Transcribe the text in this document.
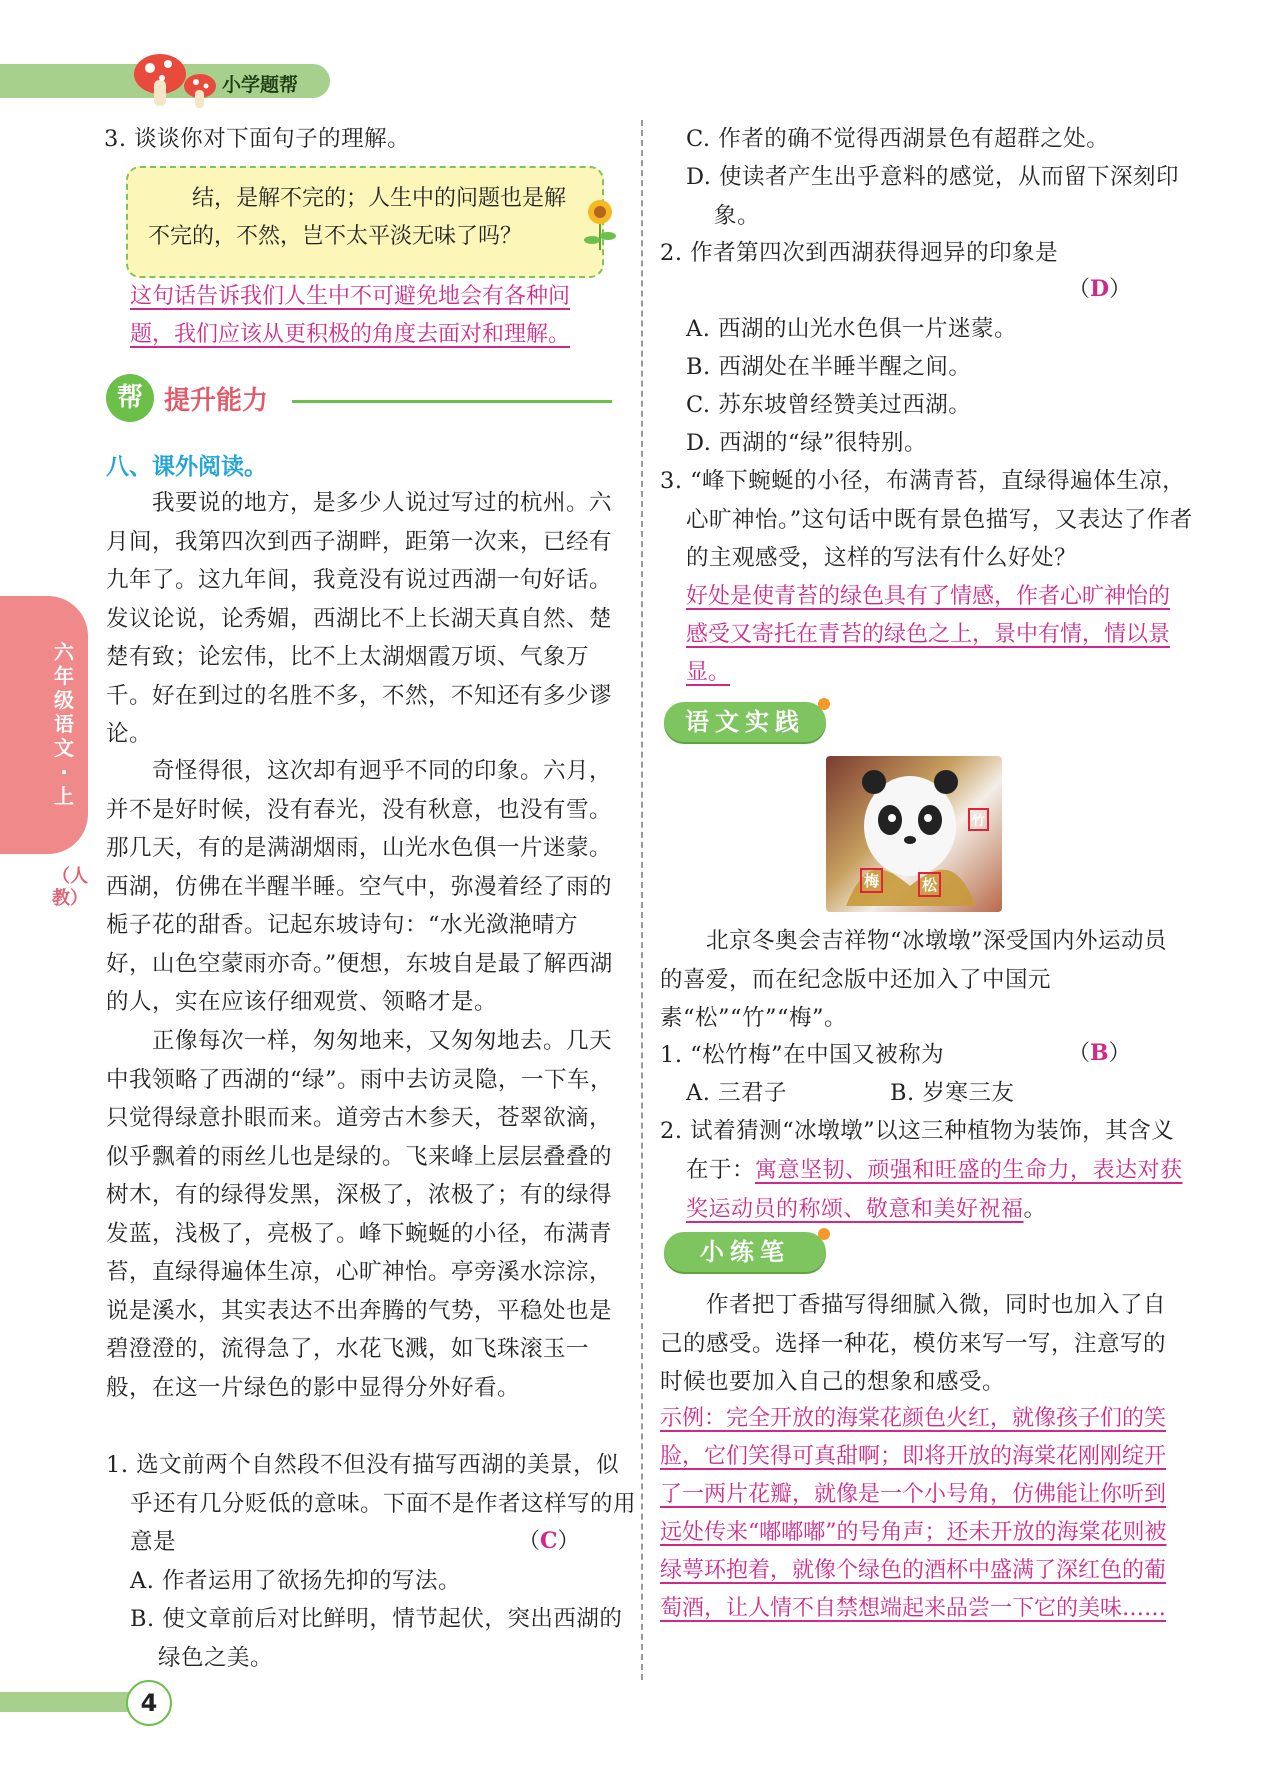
小学题帮
六年级语文·上
（人教）
3. 谈谈你对下面句子的理解。
结，是解不完的；人生中的问题也是解不完的，不然，岂不太平淡无味了吗？
这句话告诉我们人生中不可避免地会有各种问题，我们应该从更积极的角度去面对和理解。
帮 提升能力
八、课外阅读。
我要说的地方，是多少人说过写过的杭州。六月间，我第四次到西子湖畔，距第一次来，已经有九年了。这九年间，我竟没有说过西湖一句好话。发议论说，论秀媚，西湖比不上长湖天真自然、楚楚有致；论宏伟，比不上太湖烟霞万顷、气象万千。好在到过的名胜不多，不然，不知还有多少谬论。
奇怪得很，这次却有迥乎不同的印象。六月，并不是好时候，没有春光，没有秋意，也没有雪。那几天，有的是满湖烟雨，山光水色俱一片迷蒙。西湖，仿佛在半醒半睡。空气中，弥漫着经了雨的栀子花的甜香。记起东坡诗句：“水光潋滟晴方好，山色空蒙雨亦奇。”便想，东坡自是最了解西湖的人，实在应该仔细观赏、领略才是。
正像每次一样，匆匆地来，又匆匆地去。几天中我领略了西湖的“绿”。雨中去访灵隐，一下车，只觉得绿意扑眼而来。道旁古木参天，苍翠欲滴，似乎飘着的雨丝儿也是绿的。飞来峰上层层叠叠的树木，有的绿得发黑，深极了，浓极了；有的绿得发蓝，浅极了，亮极了。峰下蜿蜒的小径，布满青苔，直绿得遍体生凉，心旷神怡。亭旁溪水淙淙，说是溪水，其实表达不出奔腾的气势，平稳处也是碧澄澄的，流得急了，水花飞溅，如飞珠滚玉一般，在这一片绿色的影中显得分外好看。
1. 选文前两个自然段不但没有描写西湖的美景，似乎还有几分贬低的意味。下面不是作者这样写的用意是	（C）
A. 作者运用了欲扬先抑的写法。
B. 使文章前后对比鲜明，情节起伏，突出西湖的绿色之美。
C. 作者的确不觉得西湖景色有超群之处。
D. 使读者产生出乎意料的感觉，从而留下深刻印象。
2. 作者第四次到西湖获得迥异的印象是
（D）
A. 西湖的山光水色俱一片迷蒙。
B. 西湖处在半睡半醒之间。
C. 苏东坡曾经赞美过西湖。
D. 西湖的“绿”很特别。
3. “峰下蜿蜒的小径，布满青苔，直绿得遍体生凉，心旷神怡。”这句话中既有景色描写，又表达了作者的主观感受，这样的写法有什么好处？
好处是使青苔的绿色具有了情感，作者心旷神怡的感受又寄托在青苔的绿色之上，景中有情，情以景显。
语文实践
梅	松
竹
北京冬奥会吉祥物“冰墩墩”深受国内外运动员的喜爱，而在纪念版中还加入了中国元素“松”“竹”“梅”。
1. “松竹梅”在中国又被称为	（B）
A. 三君子	B. 岁寒三友
2. 试着猜测“冰墩墩”以这三种植物为装饰，其含义在于：寓意坚韧、顽强和旺盛的生命力，表达对获奖运动员的称颂、敬意和美好祝福。
小练笔
作者把丁香描写得细腻入微，同时也加入了自己的感受。选择一种花，模仿来写一写，注意写的时候也要加入自己的想象和感受。
示例：完全开放的海棠花颜色火红，就像孩子们的笑脸，它们笑得可真甜啊；即将开放的海棠花刚刚绽开了一两片花瓣，就像是一个小号角，仿佛能让你听到远处传来“嘟嘟嘟”的号角声；还未开放的海棠花则被绿萼环抱着，就像个绿色的酒杯中盛满了深红色的葡萄酒，让人情不自禁想端起来品尝一下它的美味……
4
